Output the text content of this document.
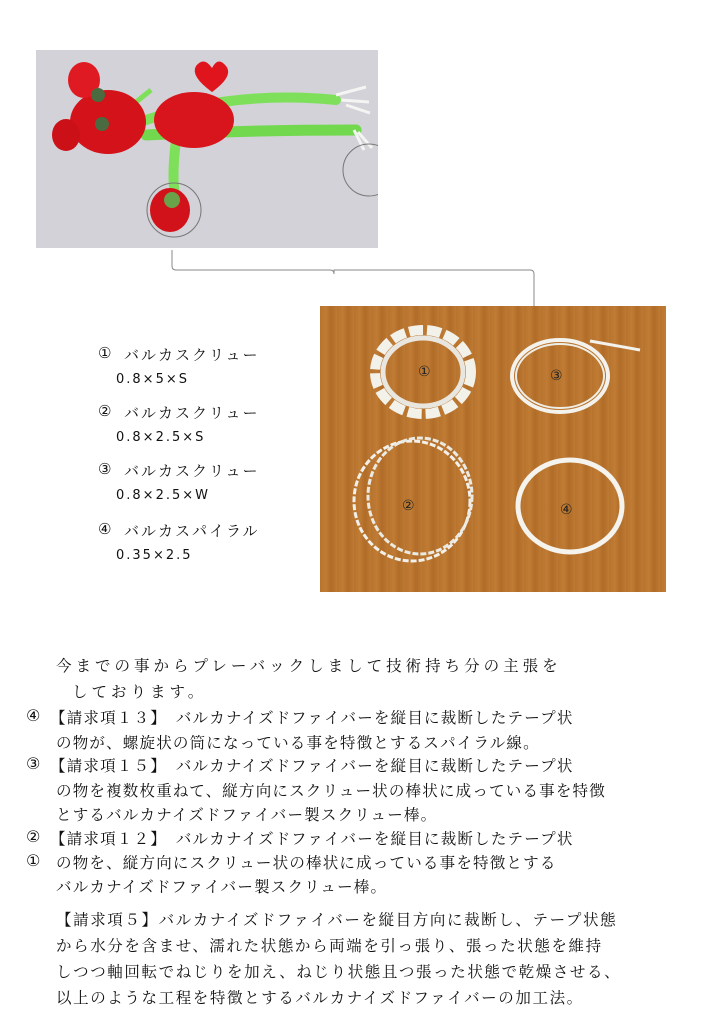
①	③
②	④
① バルカスクリュー
0.8×5×S
② バルカスクリュー
0.8×2.5×S
③ バルカスクリュー
0.8×2.5×W
④ バルカスパイラル
0.35×2.5
今までの事からプレーバックしまして技術持ち分の主張を
しております。
④ 【請求項１３】　バルカナイズドファイバーを縦目に裁断したテープ状
の物が、螺旋状の筒になっている事を特徴とするスパイラル線。
③ 【請求項１５】　バルカナイズドファイバーを縦目に裁断したテープ状
の物を複数枚重ねて、縦方向にスクリュー状の棒状に成っている事を特徴
とするバルカナイズドファイバー製スクリュー棒。
② 【請求項１２】　バルカナイズドファイバーを縦目に裁断したテープ状
① の物を、縦方向にスクリュー状の棒状に成っている事を特徴とする
バルカナイズドファイバー製スクリュー棒。
【請求項５】バルカナイズドファイバーを縦目方向に裁断し、テープ状態
から水分を含ませ、濡れた状態から両端を引っ張り、張った状態を維持
しつつ軸回転でねじりを加え、ねじり状態且つ張った状態で乾燥させる、
以上のような工程を特徴とするバルカナイズドファイバーの加工法。
